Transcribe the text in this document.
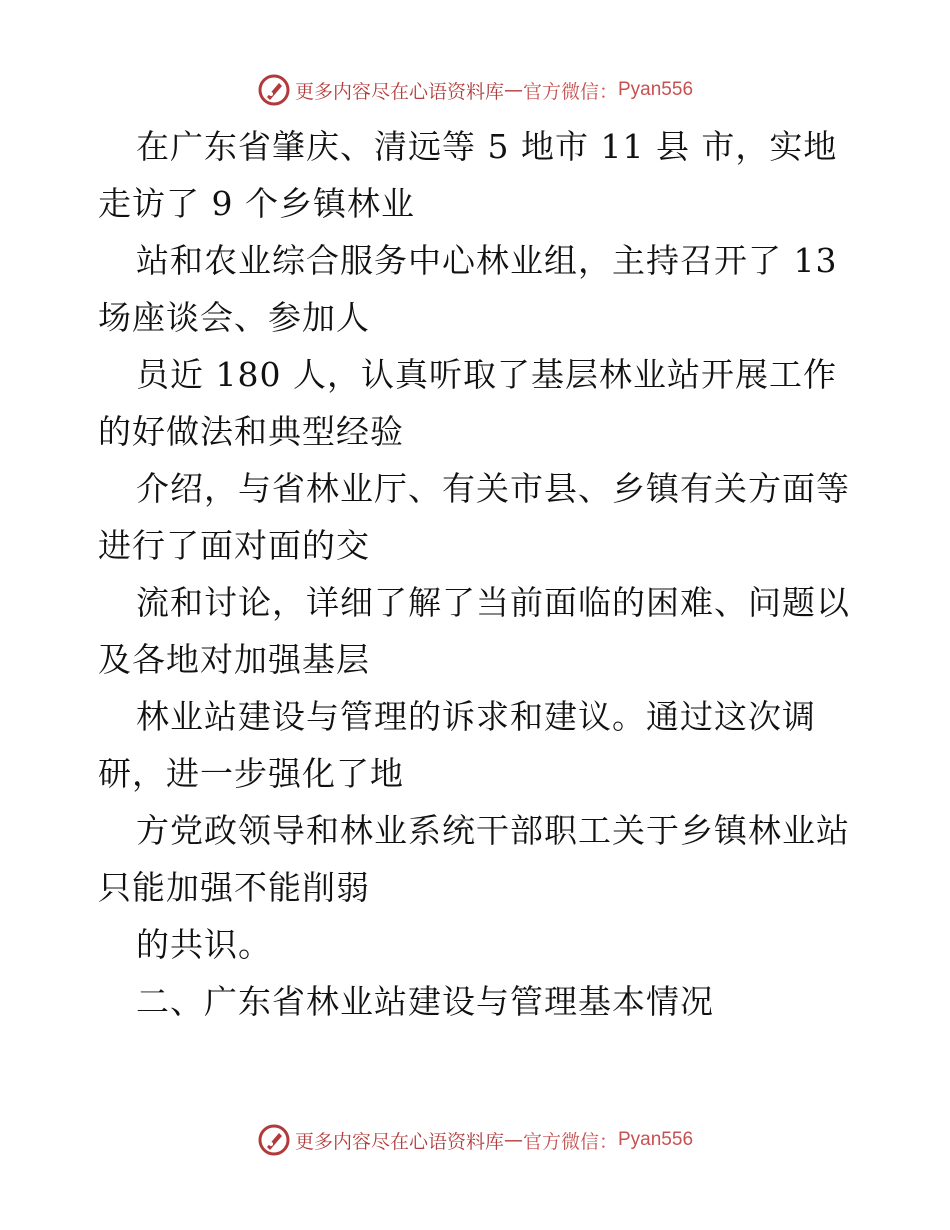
更多内容尽在心语资料库 — 官方微信： Pyan556
在广东省肇庆、清远等 5 地市 11 县 市，实地
走访了 9 个乡镇林业
站和农业综合服务中心林业组，主持召开了 13
场座谈会、参加人
员近 180 人，认真听取了基层林业站开展工作
的好做法和典型经验
介绍，与省林业厅、有关市县、乡镇有关方面等
进行了面对面的交
流和讨论，详细了解了当前面临的困难、问题以
及各地对加强基层
林业站建设与管理的诉求和建议。通过这次调
研，进一步强化了地
方党政领导和林业系统干部职工关于乡镇林业站
只能加强不能削弱
的共识。
二、广东省林业站建设与管理基本情况
更多内容尽在心语资料库 — 官方微信： Pyan556
